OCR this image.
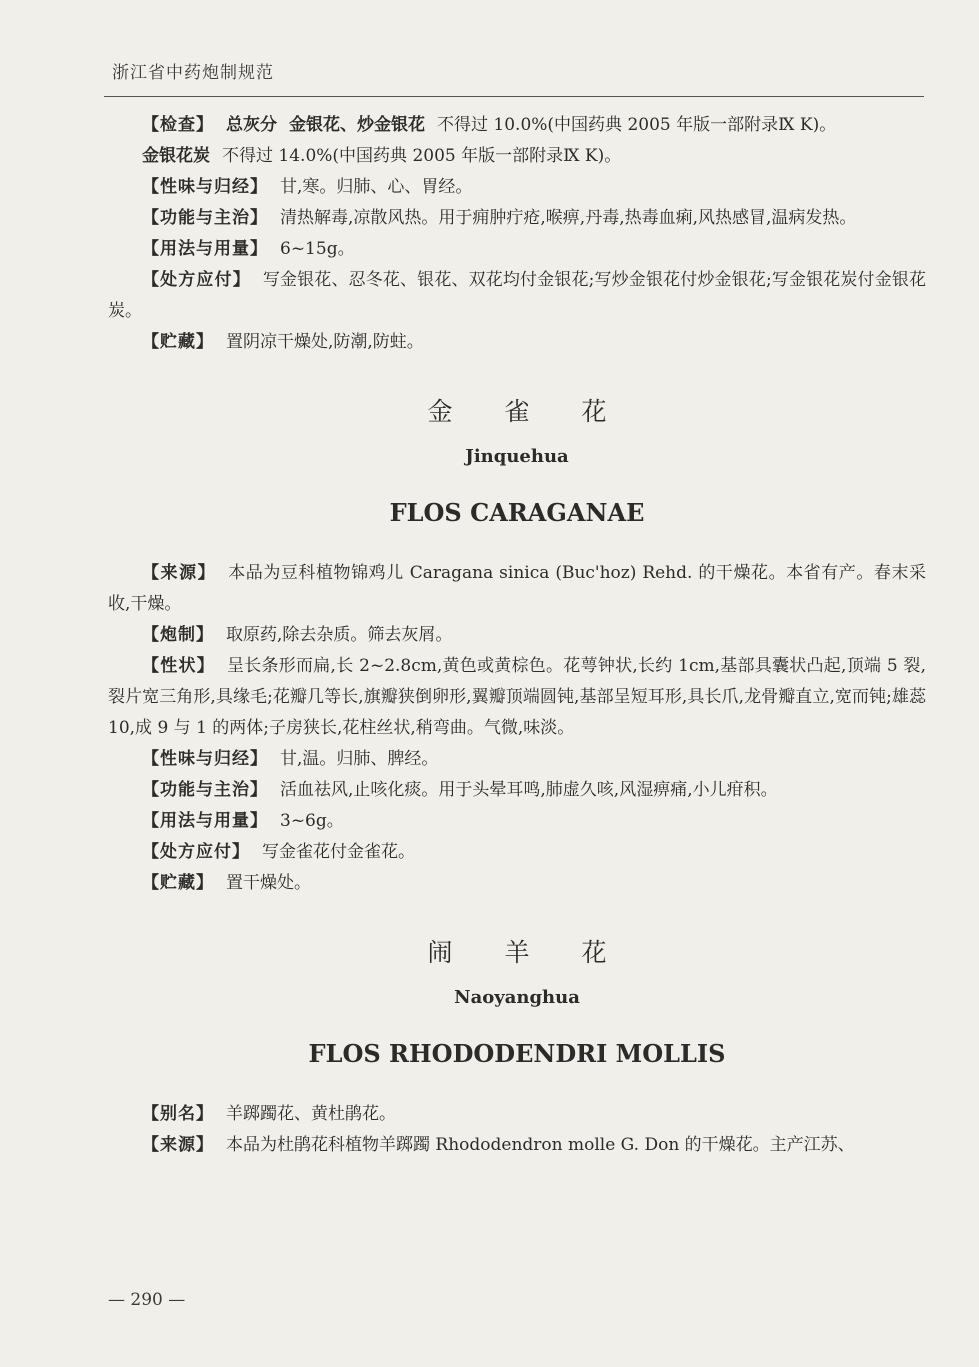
浙江省中药炮制规范

【检查】 总灰分 金银花、炒金银花 不得过 10.0%(中国药典 2005 年版一部附录Ⅸ K)。

金银花炭 不得过 14.0%(中国药典 2005 年版一部附录Ⅸ K)。

【性味与归经】 甘,寒。归肺、心、胃经。

【功能与主治】 清热解毒,凉散风热。用于痈肿疔疮,喉痹,丹毒,热毒血痢,风热感冒,温病发热。

【用法与用量】 6~15g。

【处方应付】 写金银花、忍冬花、银花、双花均付金银花;写炒金银花付炒金银花;写金银花炭付金银花炭。

【贮藏】 置阴凉干燥处,防潮,防蛀。

金雀花
Jinquehua
FLOS CARAGANAE

【来源】 本品为豆科植物锦鸡儿 Caragana sinica (Buc'hoz) Rehd. 的干燥花。本省有产。春末采收,干燥。

【炮制】 取原药,除去杂质。筛去灰屑。

【性状】 呈长条形而扁,长 2~2.8cm,黄色或黄棕色。花萼钟状,长约 1cm,基部具囊状凸起,顶端 5 裂,裂片宽三角形,具缘毛;花瓣几等长,旗瓣狭倒卵形,翼瓣顶端圆钝,基部呈短耳形,具长爪,龙骨瓣直立,宽而钝;雄蕊 10,成 9 与 1 的两体;子房狭长,花柱丝状,稍弯曲。气微,味淡。

【性味与归经】 甘,温。归肺、脾经。

【功能与主治】 活血祛风,止咳化痰。用于头晕耳鸣,肺虚久咳,风湿痹痛,小儿疳积。

【用法与用量】 3~6g。

【处方应付】 写金雀花付金雀花。

【贮藏】 置干燥处。

闹羊花
Naoyanghua
FLOS RHODODENDRI MOLLIS

【别名】 羊踯躅花、黄杜鹃花。

【来源】 本品为杜鹃花科植物羊踯躅 Rhododendron molle G. Don 的干燥花。主产江苏、

— 290 —
